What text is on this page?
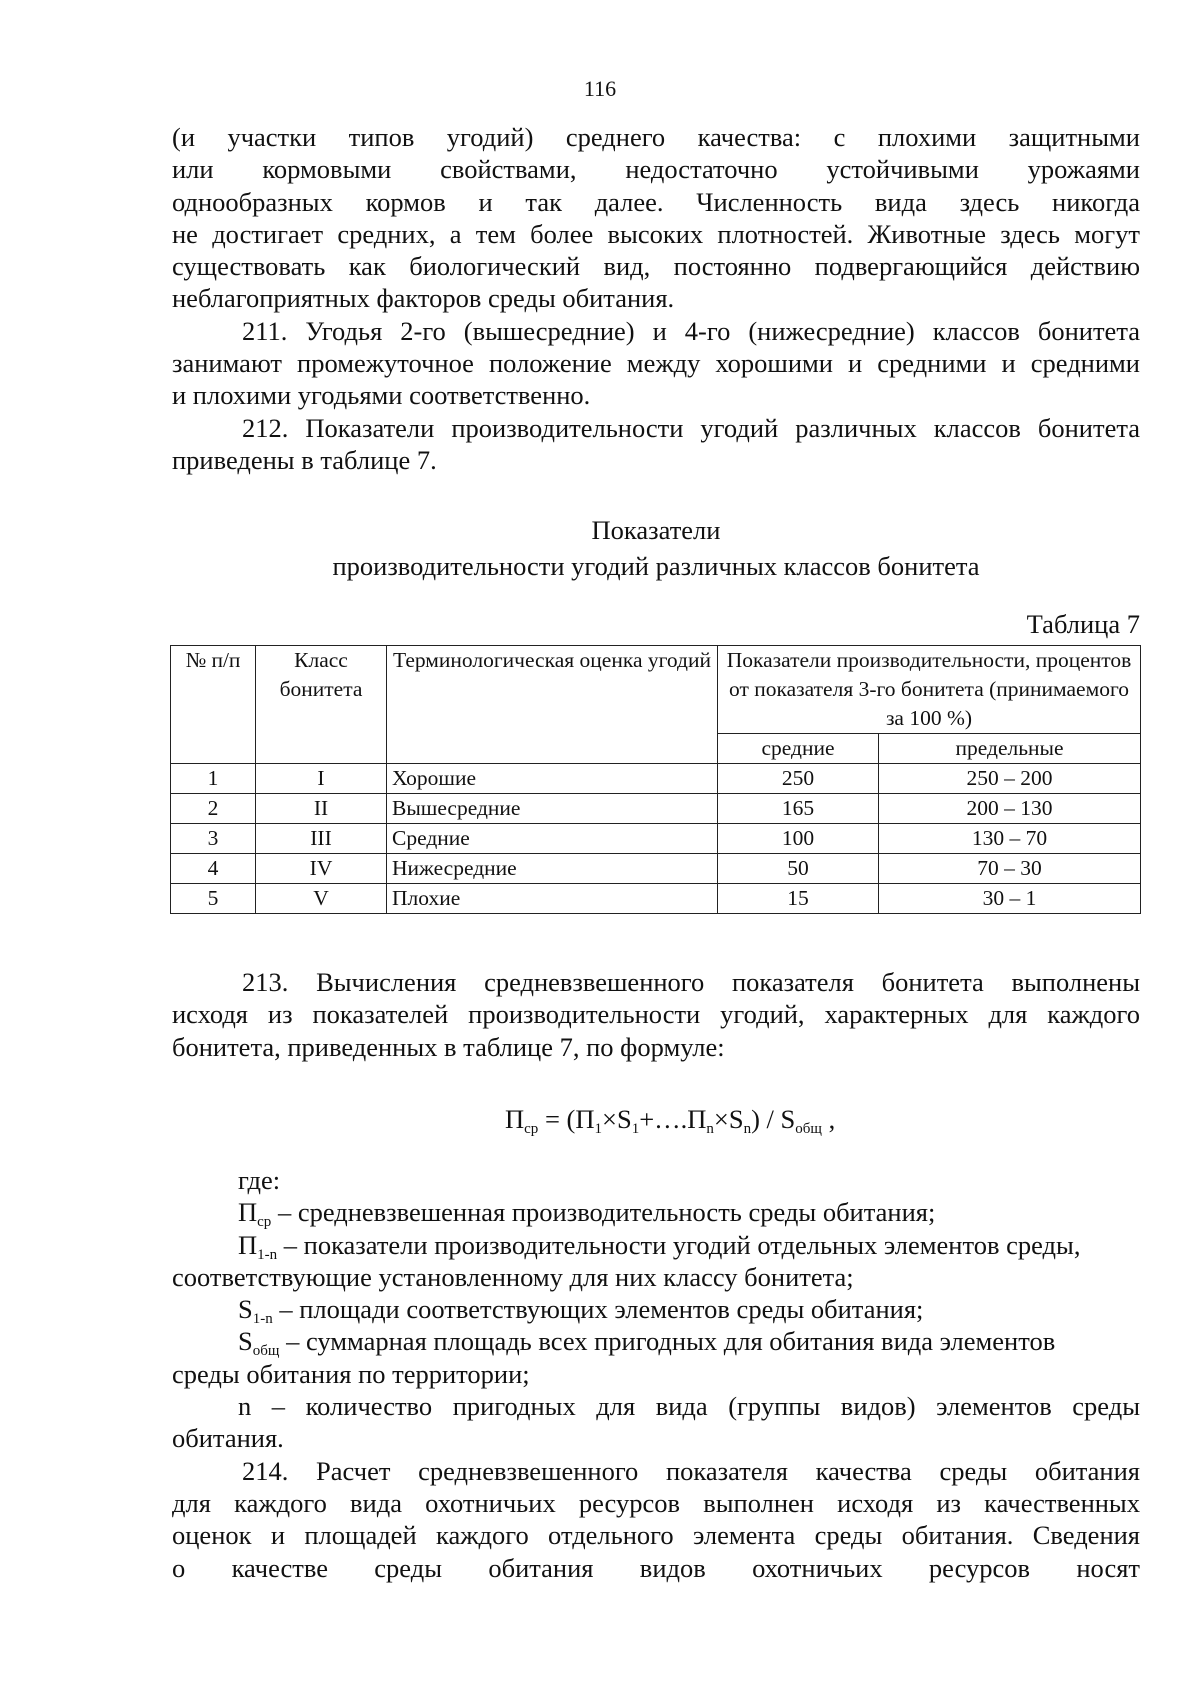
116
(и участки типов угодий) среднего качества: с плохими защитными
или кормовыми свойствами, недостаточно устойчивыми урожаями
однообразных кормов и так далее. Численность вида здесь никогда
не достигает средних, а тем более высоких плотностей. Животные здесь могут
существовать как биологический вид, постоянно подвергающийся действию
неблагоприятных факторов среды обитания.
211. Угодья 2-го (вышесредние) и 4-го (нижесредние) классов бонитета
занимают промежуточное положение между хорошими и средними и средними
и плохими угодьями соответственно.
212. Показатели производительности угодий различных классов бонитета
приведены в таблице 7.
Показатели
производительности угодий различных классов бонитета
Таблица 7
№ п/п	Класс бонитета	Терминологическая оценка угодий	Показатели производительности, процентов от показателя 3-го бонитета (принимаемого за 100 %)	
			средние	предельные
1	I	Хорошие	250	250 – 200
2	II	Вышесредние	165	200 – 130
3	III	Средние	100	130 – 70
4	IV	Нижесредние	50	70 – 30
5	V	Плохие	15	30 – 1
213. Вычисления средневзвешенного показателя бонитета выполнены
исходя из показателей производительности угодий, характерных для каждого
бонитета, приведенных в таблице 7, по формуле:
$П_{ср}$ = $(П_1\times S_1+\dots.П_n\times S_n) / S_{общ}$ ,
где:
$П_{ср}$ – средневзвешенная производительность среды обитания;
$П_{1-n}$ – показатели производительности угодий отдельных элементов среды,
соответствующие установленному для них классу бонитета;
$S_{1-n}$ – площади соответствующих элементов среды обитания;
$S_{общ}$ – суммарная площадь всех пригодных для обитания вида элементов
среды обитания по территории;
n – количество пригодных для вида (группы видов) элементов среды
обитания.
214. Расчет средневзвешенного показателя качества среды обитания
для каждого вида охотничьих ресурсов выполнен исходя из качественных
оценок и площадей каждого отдельного элемента среды обитания. Сведения
о качестве среды обитания видов охотничьих ресурсов носят
